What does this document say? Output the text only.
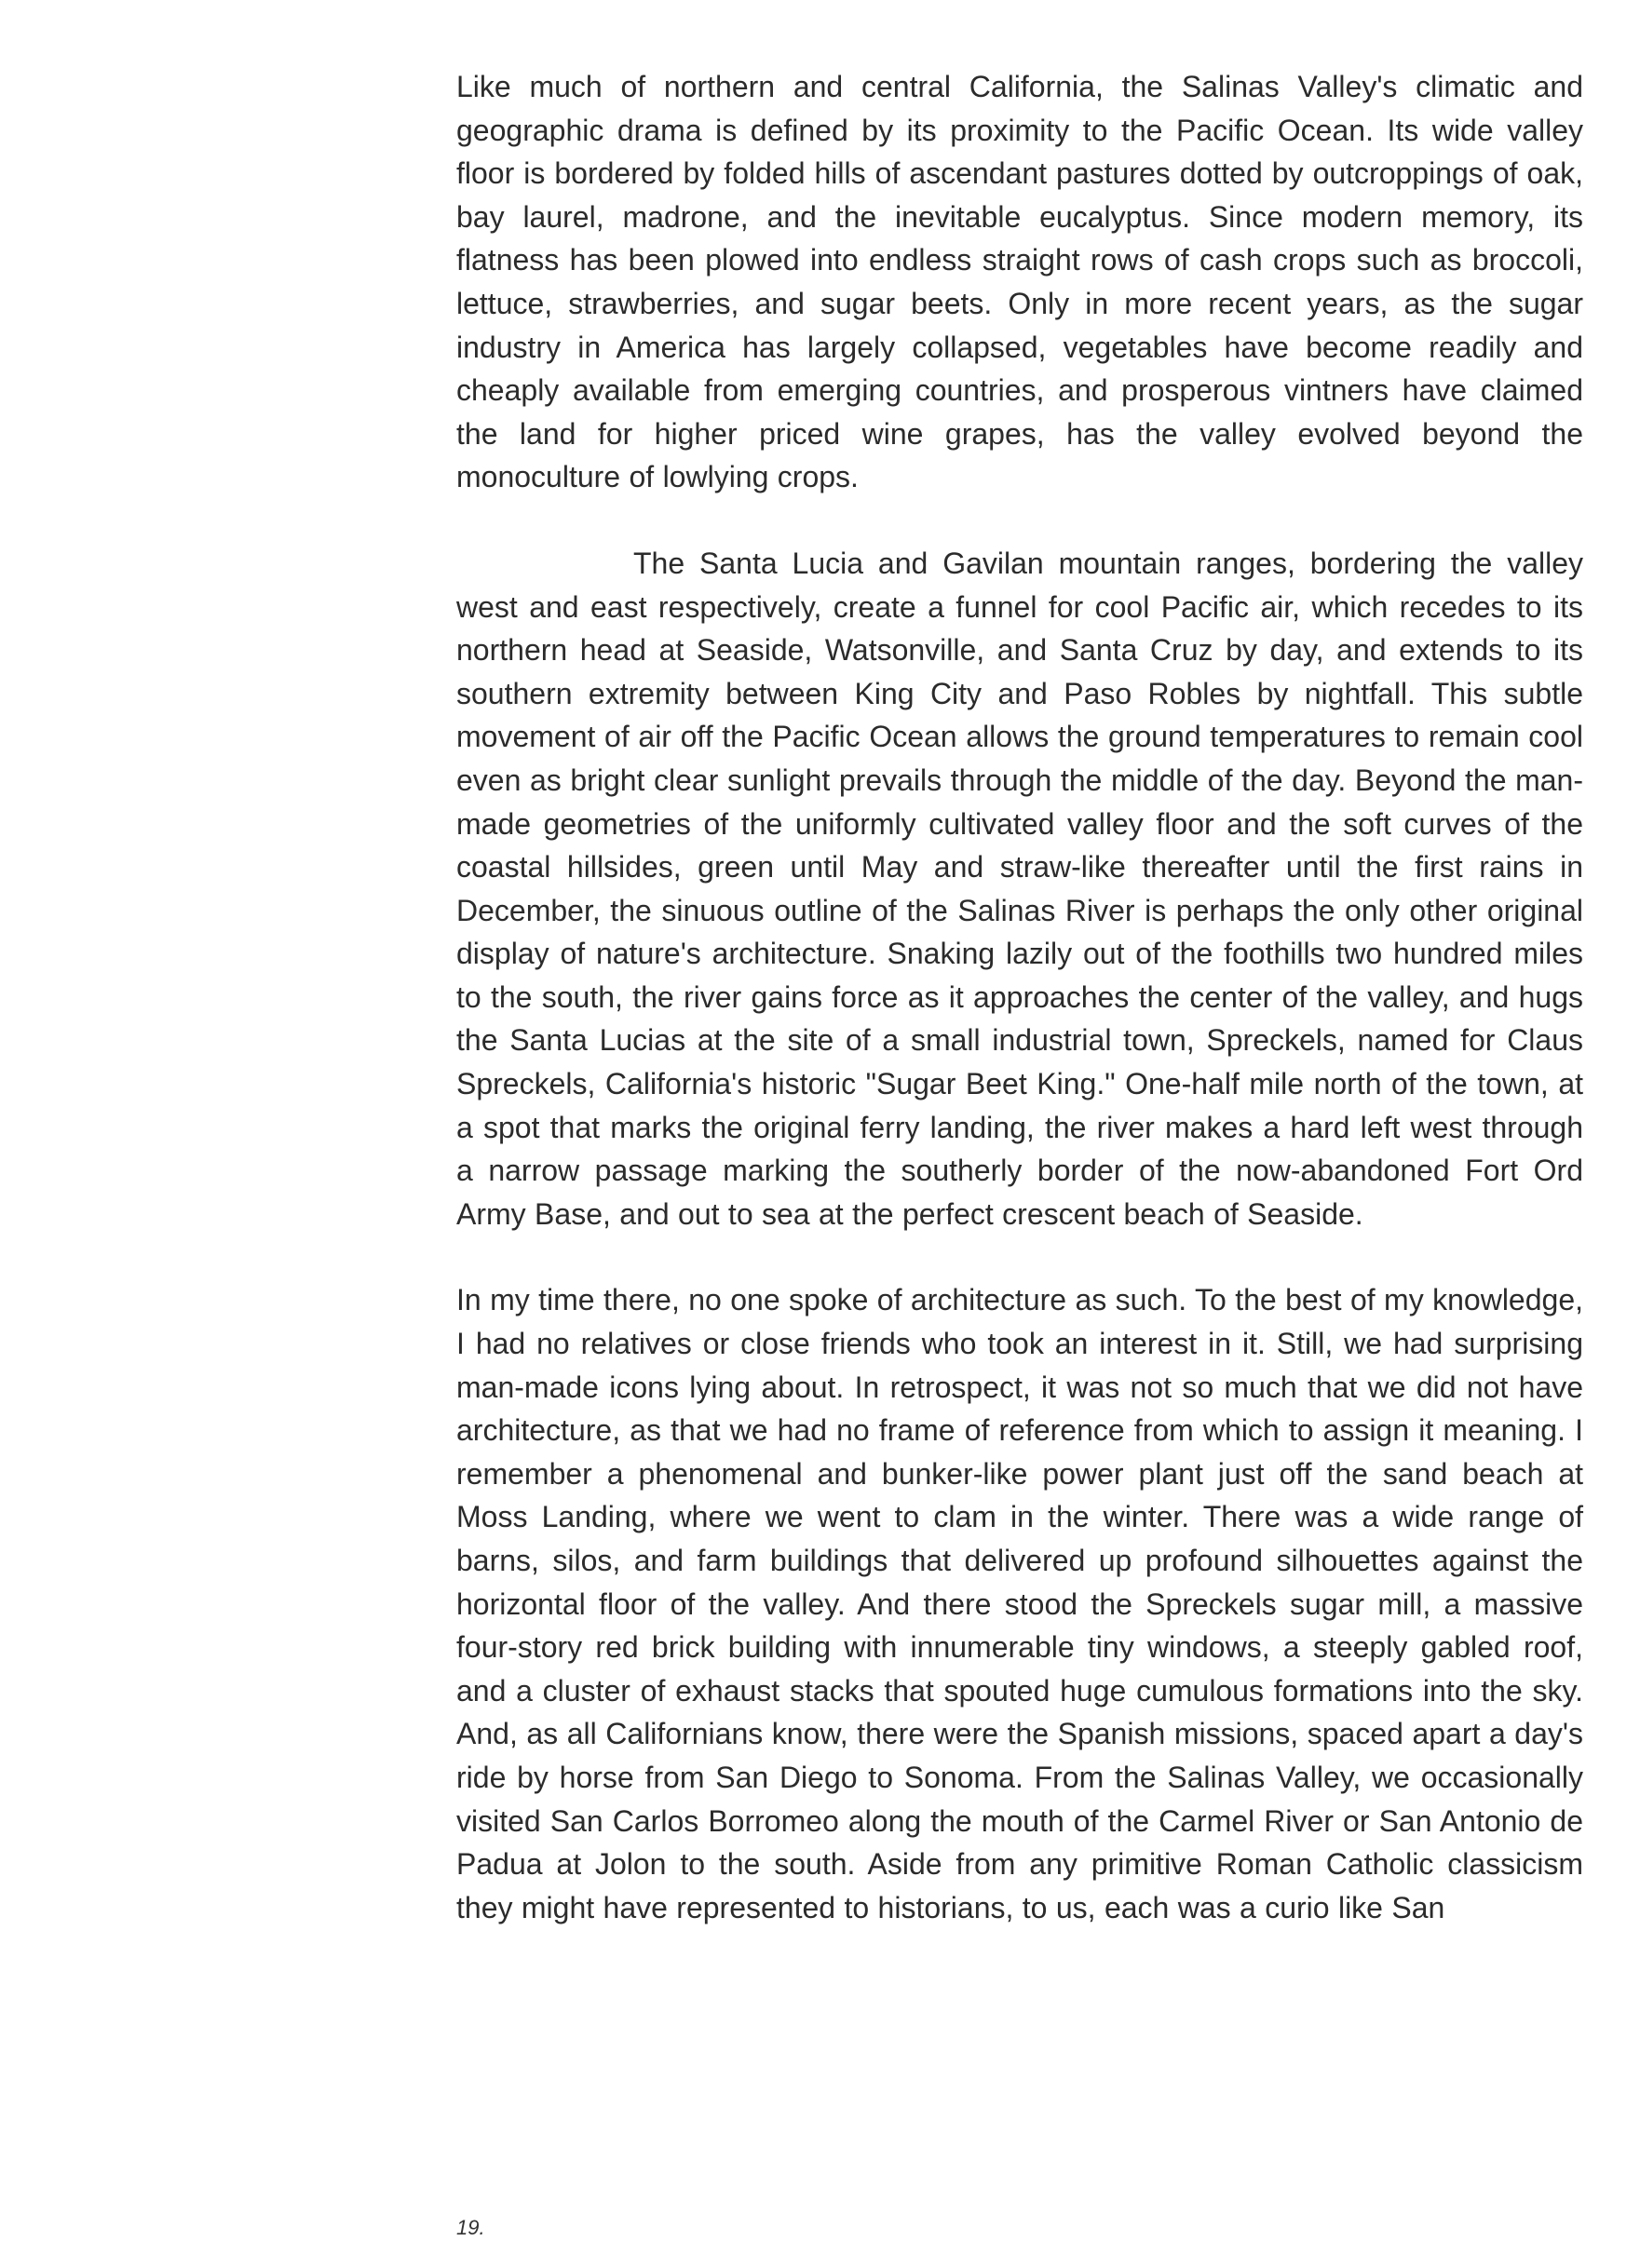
Like much of northern and central California, the Salinas Valley's climatic and geographic drama is defined by its proximity to the Pacific Ocean. Its wide valley floor is bordered by folded hills of ascendant pastures dotted by outcroppings of oak, bay laurel, madrone, and the inevitable eucalyptus. Since modern memory, its flatness has been plowed into endless straight rows of cash crops such as broccoli, lettuce, strawberries, and sugar beets. Only in more recent years, as the sugar industry in America has largely collapsed, vegetables have become readily and cheaply available from emerging countries, and prosperous vintners have claimed the land for higher priced wine grapes, has the valley evolved beyond the monoculture of lowlying crops.

The Santa Lucia and Gavilan mountain ranges, bordering the valley west and east respectively, create a funnel for cool Pacific air, which recedes to its northern head at Seaside, Watsonville, and Santa Cruz by day, and extends to its southern extremity between King City and Paso Robles by nightfall. This subtle movement of air off the Pacific Ocean allows the ground temperatures to remain cool even as bright clear sunlight prevails through the middle of the day. Beyond the man-made geometries of the uniformly cultivated valley floor and the soft curves of the coastal hillsides, green until May and straw-like thereafter until the first rains in December, the sinuous outline of the Salinas River is perhaps the only other original display of nature's architecture. Snaking lazily out of the foothills two hundred miles to the south, the river gains force as it approaches the center of the valley, and hugs the Santa Lucias at the site of a small industrial town, Spreckels, named for Claus Spreckels, California's historic "Sugar Beet King." One-half mile north of the town, at a spot that marks the original ferry landing, the river makes a hard left west through a narrow passage marking the southerly border of the now-abandoned Fort Ord Army Base, and out to sea at the perfect crescent beach of Seaside.

In my time there, no one spoke of architecture as such. To the best of my knowledge, I had no relatives or close friends who took an interest in it. Still, we had surprising man-made icons lying about. In retrospect, it was not so much that we did not have architecture, as that we had no frame of reference from which to assign it meaning. I remember a phenomenal and bunker-like power plant just off the sand beach at Moss Landing, where we went to clam in the winter. There was a wide range of barns, silos, and farm buildings that delivered up profound silhouettes against the horizontal floor of the valley. And there stood the Spreckels sugar mill, a massive four-story red brick building with innumerable tiny windows, a steeply gabled roof, and a cluster of exhaust stacks that spouted huge cumulous formations into the sky. And, as all Californians know, there were the Spanish missions, spaced apart a day's ride by horse from San Diego to Sonoma. From the Salinas Valley, we occasionally visited San Carlos Borromeo along the mouth of the Carmel River or San Antonio de Padua at Jolon to the south. Aside from any primitive Roman Catholic classicism they might have represented to historians, to us, each was a curio like San

19.
